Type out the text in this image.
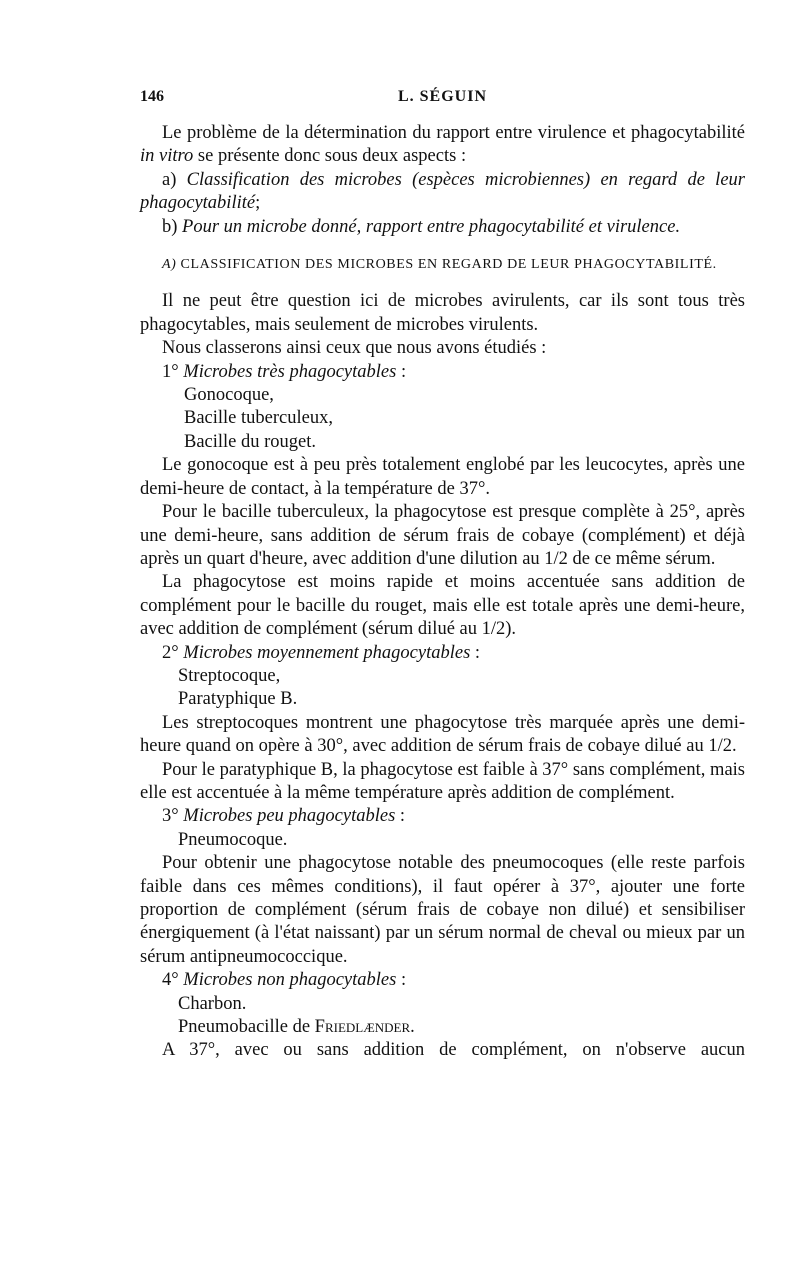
146	L. SÉGUIN

Le problème de la détermination du rapport entre virulence et phagocytabilité in vitro se présente donc sous deux aspects :

a) Classification des microbes (espèces microbiennes) en regard de leur phagocytabilité;

b) Pour un microbe donné, rapport entre phagocytabilité et virulence.

A) CLASSIFICATION DES MICROBES EN REGARD DE LEUR PHAGOCYTABILITÉ.

Il ne peut être question ici de microbes avirulents, car ils sont tous très phagocytables, mais seulement de microbes virulents.

Nous classerons ainsi ceux que nous avons étudiés :

1° Microbes très phagocytables :

Gonocoque,

Bacille tuberculeux,

Bacille du rouget.

Le gonocoque est à peu près totalement englobé par les leucocytes, après une demi-heure de contact, à la température de 37°.

Pour le bacille tuberculeux, la phagocytose est presque complète à 25°, après une demi-heure, sans addition de sérum frais de cobaye (complément) et déjà après un quart d'heure, avec addition d'une dilution au 1/2 de ce même sérum.

La phagocytose est moins rapide et moins accentuée sans addition de complément pour le bacille du rouget, mais elle est totale après une demi-heure, avec addition de complément (sérum dilué au 1/2).

2° Microbes moyennement phagocytables :

Streptocoque,

Paratyphique B.

Les streptocoques montrent une phagocytose très marquée après une demi-heure quand on opère à 30°, avec addition de sérum frais de cobaye dilué au 1/2.

Pour le paratyphique B, la phagocytose est faible à 37° sans complément, mais elle est accentuée à la même température après addition de complément.

3° Microbes peu phagocytables :

Pneumocoque.

Pour obtenir une phagocytose notable des pneumocoques (elle reste parfois faible dans ces mêmes conditions), il faut opérer à 37°, ajouter une forte proportion de complément (sérum frais de cobaye non dilué) et sensibiliser énergiquement (à l'état naissant) par un sérum normal de cheval ou mieux par un sérum antipneumococcique.

4° Microbes non phagocytables :

Charbon.

Pneumobacille de Friedlænder.

A 37°, avec ou sans addition de complément, on n'observe aucun
